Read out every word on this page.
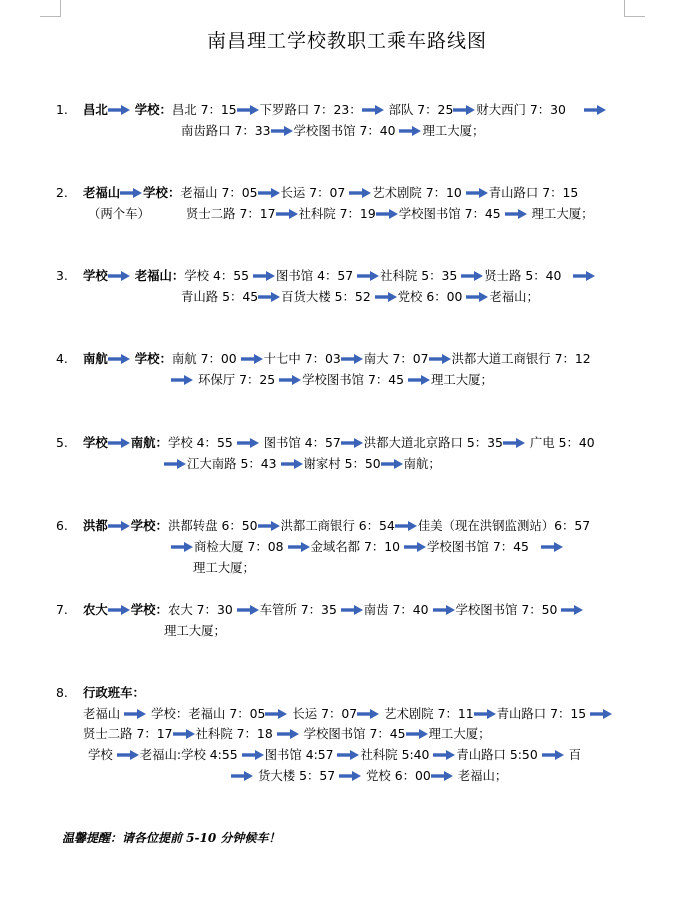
南昌理工学校教职工乘车路线图
1.	昌北 学校：昌北 7：15 下罗路口 7：23： 部队 7：25 财大西门 7：30
南齿路口 7：33 学校图书馆 7：40 理工大厦；
2.	老福山 学校：老福山 7：05 长运 7：07 艺术剧院 7：10 青山路口 7：15
（两个车）	贤士二路 7：17 社科院 7：19 学校图书馆 7：45 理工大厦；
3.	学校 老福山：学校 4：55 图书馆 4：57 社科院 5：35 贤士路 5：40
青山路 5：45 百货大楼 5：52 党校 6：00 老福山；
4.	南航 学校：南航 7：00 十七中 7：03 南大 7：07 洪都大道工商银行 7：12
环保厅 7：25 学校图书馆 7：45 理工大厦；
5.	学校 南航：学校 4：55 图书馆 4：57 洪都大道北京路口 5：35 广电 5：40
江大南路 5：43 谢家村 5：50 南航；
6.	洪都 学校：洪都转盘 6：50 洪都工商银行 6：54 佳美（现在洪钢监测站）6：57
商检大厦 7：08 金域名都 7：10 学校图书馆 7：45
理工大厦；
7.	农大 学校：农大 7：30 车管所 7：35 南齿 7：40 学校图书馆 7：50
理工大厦；
8.	行政班车：
老福山 学校：老福山 7：05 长运 7：07 艺术剧院 7：11 青山路口 7：15
贤士二路 7：17 社科院 7：18 学校图书馆 7：45 理工大厦；
学校 老福山:学校 4:55 图书馆 4:57 社科院 5:40 青山路口 5:50 百
货大楼 5：57 党校 6：00 老福山；
温馨提醒：请各位提前 5-10 分钟候车！
